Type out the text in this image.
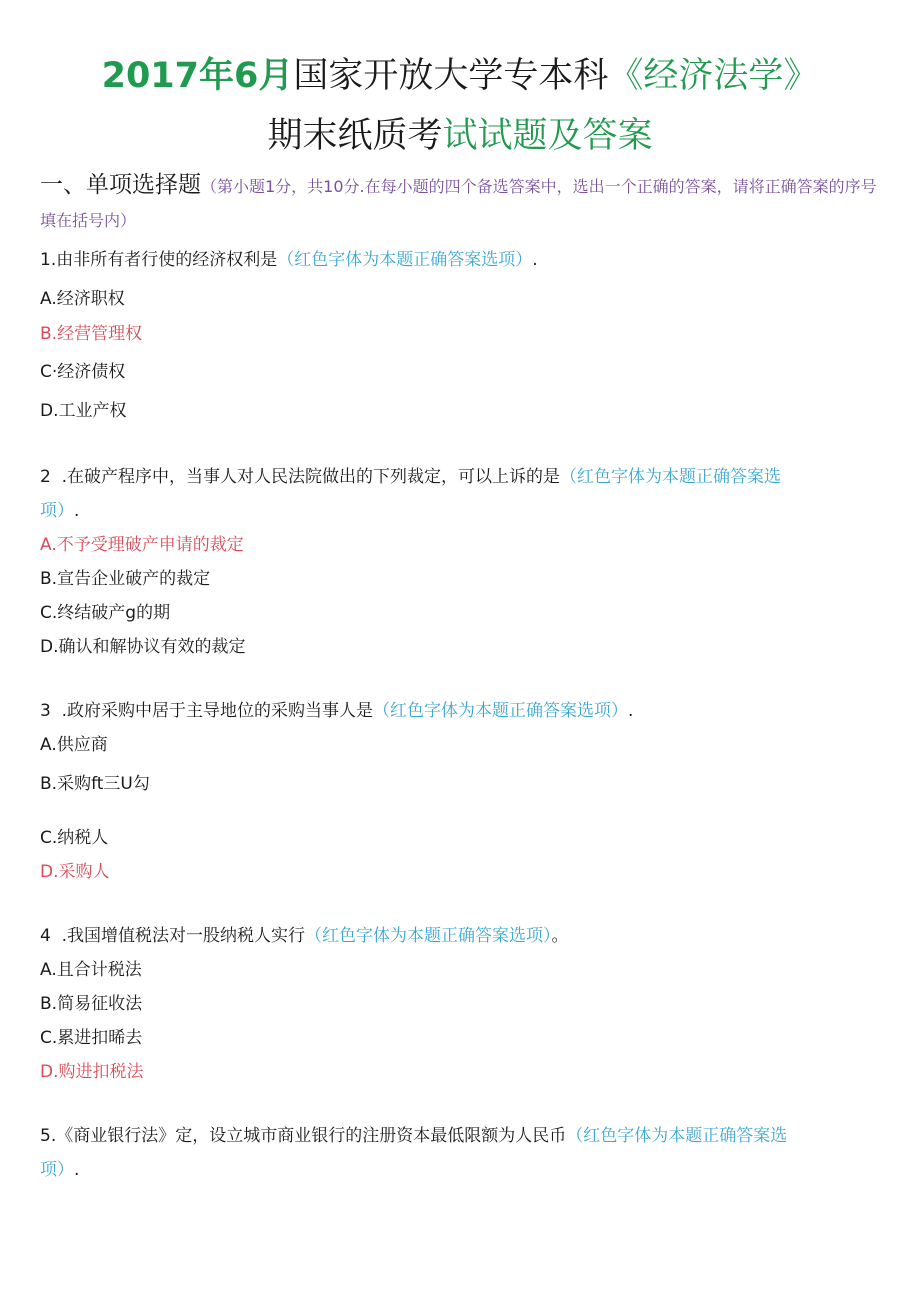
2017年6月国家开放大学专本科《经济法学》
期末纸质考试试题及答案
一、单项选择题（第小题1分，共10分.在每小题的四个备选答案中，选出一个正确的答案，请将正确答案的序号填在括号内）
1.由非所有者行使的经济权利是（红色字体为本题正确答案选项）.
A.经济职权
B.经营管理权
C·经济债权
D.工业产权
2  .在破产程序中，当事人对人民法院做出的下列裁定，可以上诉的是（红色字体为本题正确答案选
项）.
A.不予受理破产申请的裁定
B.宣告企业破产的裁定
C.终结破产g的期
D.确认和解协议有效的裁定
3  .政府采购中居于主导地位的采购当事人是（红色字体为本题正确答案选项）.
A.供应商
B.采购ft三U勾
C.纳税人
D.采购人
4  .我国增值税法对一股纳税人实行（红色字体为本题正确答案选项）。
A.且合计税法
B.简易征收法
C.累进扣晞去
D.购进扣税法
5.《商业银行法》定，设立城市商业银行的注册资本最低限额为人民币（红色字体为本题正确答案选
项）.
